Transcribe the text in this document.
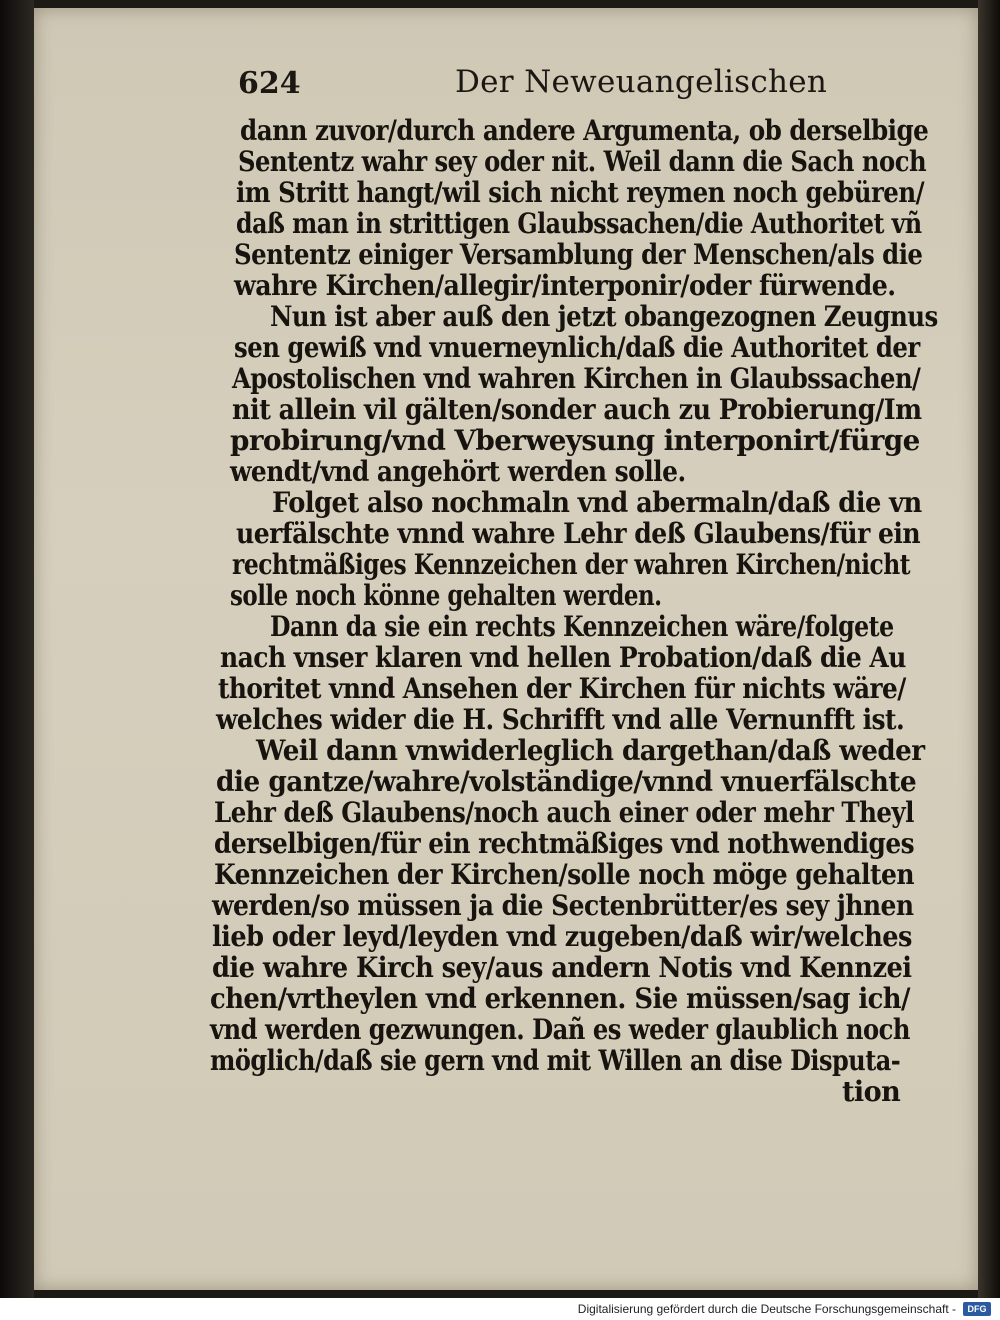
624	Der Neweuangelischen
dann zuvor/durch andere Argumenta, ob derselbige
Sententz wahr sey oder nit. Weil dann die Sach noch
im Stritt hangt/wil sich nicht reymen noch gebüren/
daß man in strittigen Glaubssachen/die Authoritet vñ
Sententz einiger Versamblung der Menschen/als die
wahre Kirchen/allegir/interponir/oder fürwende.
Nun ist aber auß den jetzt obangezognen Zeugnus
sen gewiß vnd vnuerneynlich/daß die Authoritet der
Apostolischen vnd wahren Kirchen in Glaubssachen/
nit allein vil gälten/sonder auch zu Probierung/Im
probirung/vnd Vberweysung interponirt/fürge
wendt/vnd angehört werden solle.
Folget also nochmaln vnd abermaln/daß die vn
uerfälschte vnnd wahre Lehr deß Glaubens/für ein
rechtmäßiges Kennzeichen der wahren Kirchen/nicht
solle noch könne gehalten werden.
Dann da sie ein rechts Kennzeichen wäre/folgete
nach vnser klaren vnd hellen Probation/daß die Au
thoritet vnnd Ansehen der Kirchen für nichts wäre/
welches wider die H. Schrifft vnd alle Vernunfft ist.
Weil dann vnwiderleglich dargethan/daß weder
die gantze/wahre/volständige/vnnd vnuerfälschte
Lehr deß Glaubens/noch auch einer oder mehr Theyl
derselbigen/für ein rechtmäßiges vnd nothwendiges
Kennzeichen der Kirchen/solle noch möge gehalten
werden/so müssen ja die Sectenbrütter/es sey jhnen
lieb oder leyd/leyden vnd zugeben/daß wir/welches
die wahre Kirch sey/aus andern Notis vnd Kennzei
chen/vrtheylen vnd erkennen. Sie müssen/sag ich/
vnd werden gezwungen. Dañ es weder glaublich noch
möglich/daß sie gern vnd mit Willen an dise Disputa-
tion
Digitalisierung gefördert durch die Deutsche Forschungsgemeinschaft -	DFG
